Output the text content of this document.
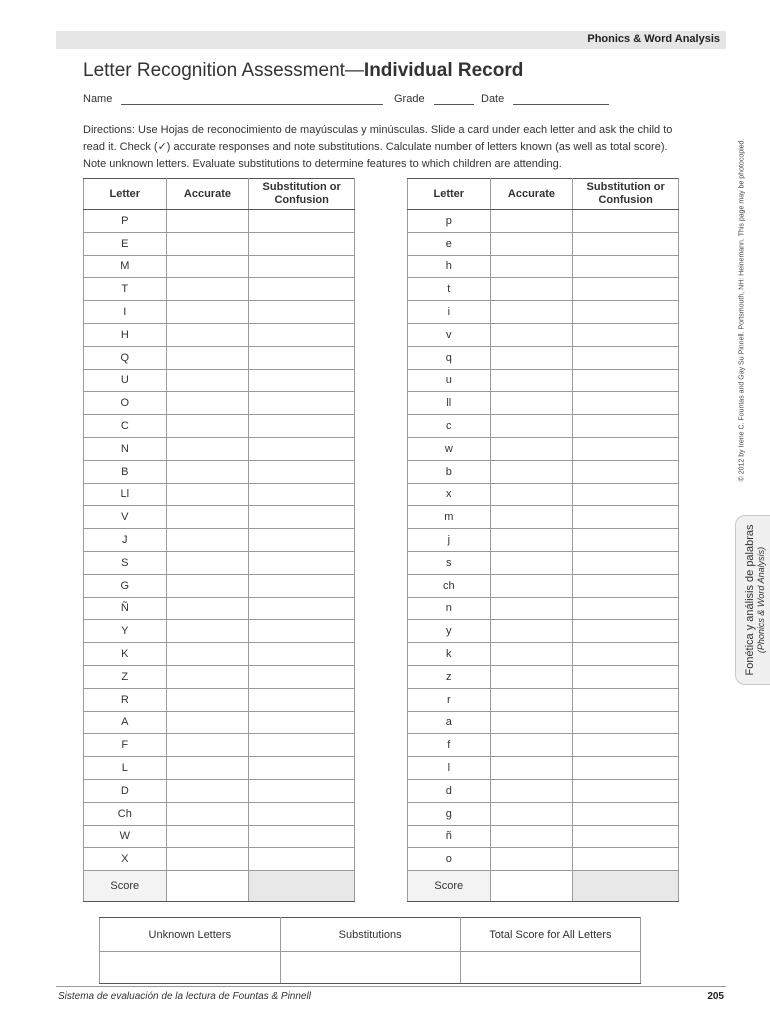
Phonics & Word Analysis
Letter Recognition Assessment—Individual Record
Name	Grade	Date
Directions: Use Hojas de reconocimiento de mayúsculas y minúsculas. Slide a card under each letter and ask the child to
read it. Check (✓) accurate responses and note substitutions. Calculate number of letters known (as well as total score).
Note unknown letters. Evaluate substitutions to determine features to which children are attending.
Letter	Accurate	Substitution or
Confusion
P		
E		
M		
T		
I		
H		
Q		
U		
O		
C		
N		
B		
Ll		
V		
J		
S		
G		
Ñ		
Y		
K		
Z		
R		
A		
F		
L		
D		
Ch		
W		
X		
Score		
Letter	Accurate	Substitution or
Confusion
p		
e		
h		
t		
i		
v		
q		
u		
ll		
c		
w		
b		
x		
m		
j		
s		
ch		
n		
y		
k		
z		
r		
a		
f		
l		
d		
g		
ñ		
o		
Score		
Unknown Letters	Substitutions	Total Score for All Letters

© 2012 by Irene C. Fountas and Gay Su Pinnell. Portsmouth, NH: Heinemann. This page may be photocopied.
Fonética y análisis de palabras (Phonics & Word Analysis)
Sistema de evaluación de la lectura de Fountas & Pinnell	205
